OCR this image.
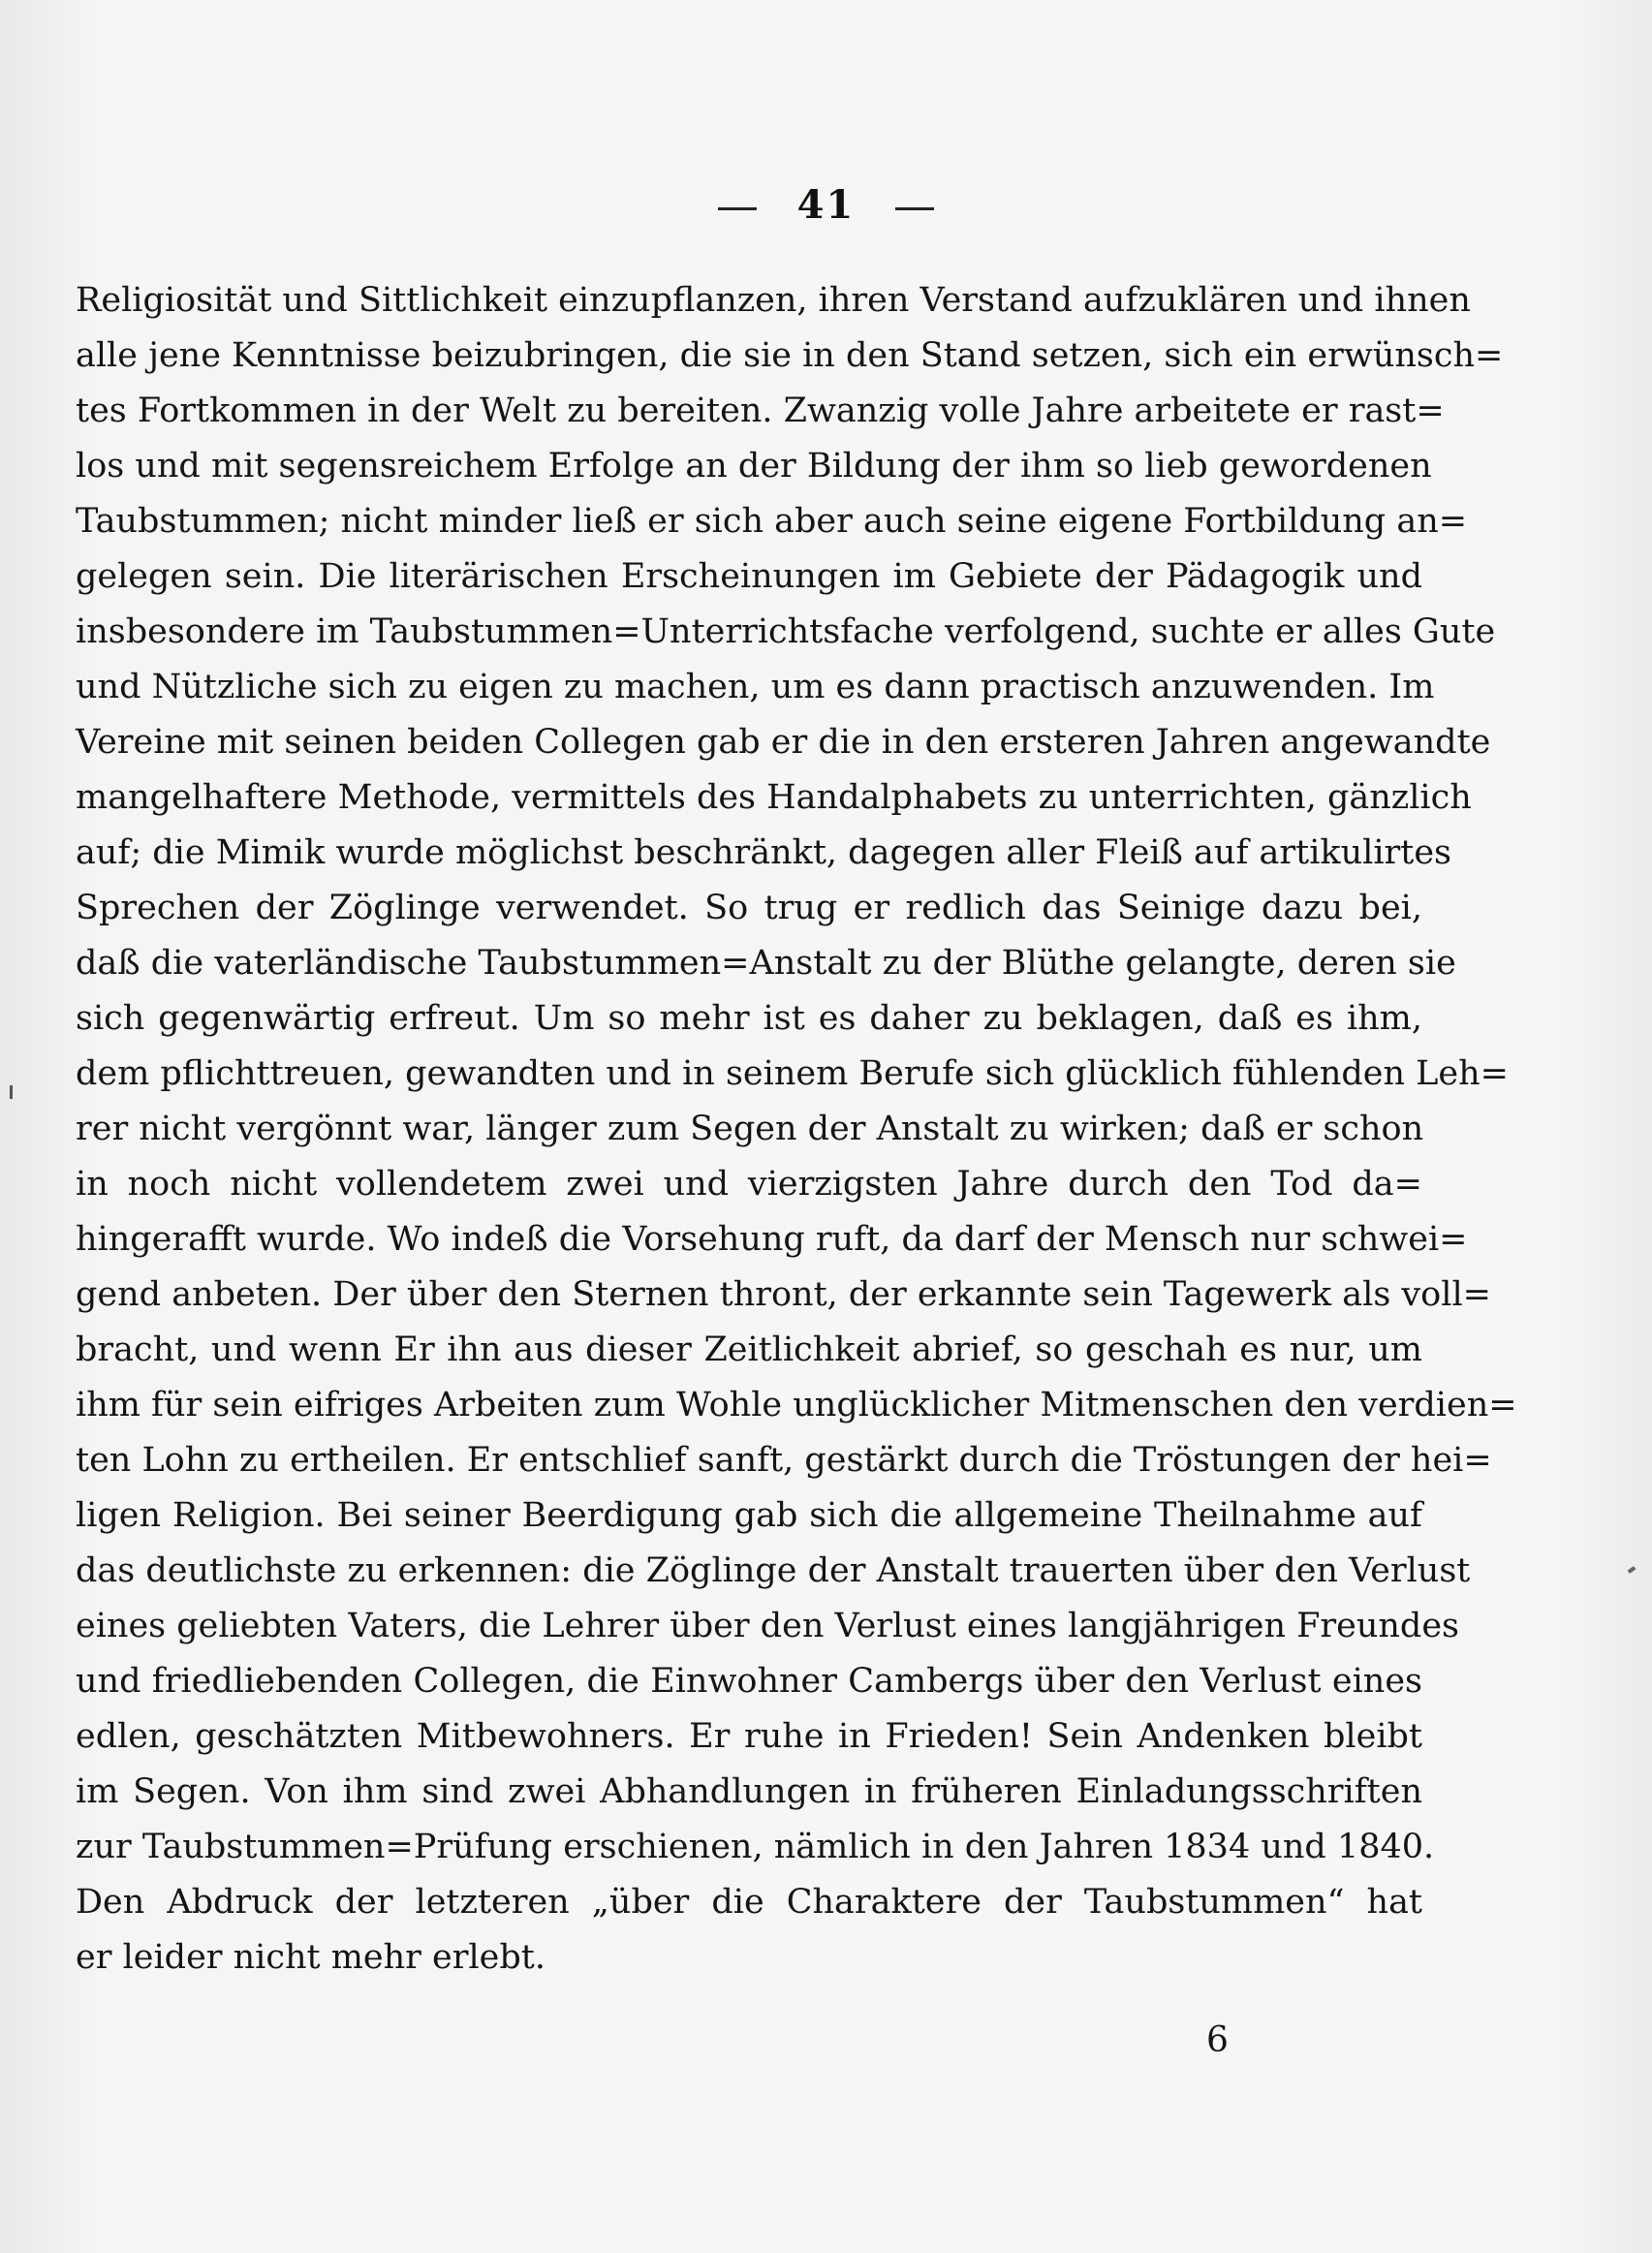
41
Religiosität und Sittlichkeit einzupflanzen, ihren Verstand aufzuklären und ihnen
alle jene Kenntnisse beizubringen, die sie in den Stand setzen, sich ein erwünsch=
tes Fortkommen in der Welt zu bereiten. Zwanzig volle Jahre arbeitete er rast=
los und mit segensreichem Erfolge an der Bildung der ihm so lieb gewordenen
Taubstummen; nicht minder ließ er sich aber auch seine eigene Fortbildung an=
gelegen sein. Die literärischen Erscheinungen im Gebiete der Pädagogik und
insbesondere im Taubstummen=Unterrichtsfache verfolgend, suchte er alles Gute
und Nützliche sich zu eigen zu machen, um es dann practisch anzuwenden. Im
Vereine mit seinen beiden Collegen gab er die in den ersteren Jahren angewandte
mangelhaftere Methode, vermittels des Handalphabets zu unterrichten, gänzlich
auf; die Mimik wurde möglichst beschränkt, dagegen aller Fleiß auf artikulirtes
Sprechen der Zöglinge verwendet. So trug er redlich das Seinige dazu bei,
daß die vaterländische Taubstummen=Anstalt zu der Blüthe gelangte, deren sie
sich gegenwärtig erfreut. Um so mehr ist es daher zu beklagen, daß es ihm,
dem pflichttreuen, gewandten und in seinem Berufe sich glücklich fühlenden Leh=
rer nicht vergönnt war, länger zum Segen der Anstalt zu wirken; daß er schon
in noch nicht vollendetem zwei und vierzigsten Jahre durch den Tod da=
hingerafft wurde. Wo indeß die Vorsehung ruft, da darf der Mensch nur schwei=
gend anbeten. Der über den Sternen thront, der erkannte sein Tagewerk als voll=
bracht, und wenn Er ihn aus dieser Zeitlichkeit abrief, so geschah es nur, um
ihm für sein eifriges Arbeiten zum Wohle unglücklicher Mitmenschen den verdien=
ten Lohn zu ertheilen. Er entschlief sanft, gestärkt durch die Tröstungen der hei=
ligen Religion. Bei seiner Beerdigung gab sich die allgemeine Theilnahme auf
das deutlichste zu erkennen: die Zöglinge der Anstalt trauerten über den Verlust
eines geliebten Vaters, die Lehrer über den Verlust eines langjährigen Freundes
und friedliebenden Collegen, die Einwohner Cambergs über den Verlust eines
edlen, geschätzten Mitbewohners. Er ruhe in Frieden! Sein Andenken bleibt
im Segen. Von ihm sind zwei Abhandlungen in früheren Einladungsschriften
zur Taubstummen=Prüfung erschienen, nämlich in den Jahren 1834 und 1840.
Den Abdruck der letzteren „über die Charaktere der Taubstummen“ hat
er leider nicht mehr erlebt.
6
